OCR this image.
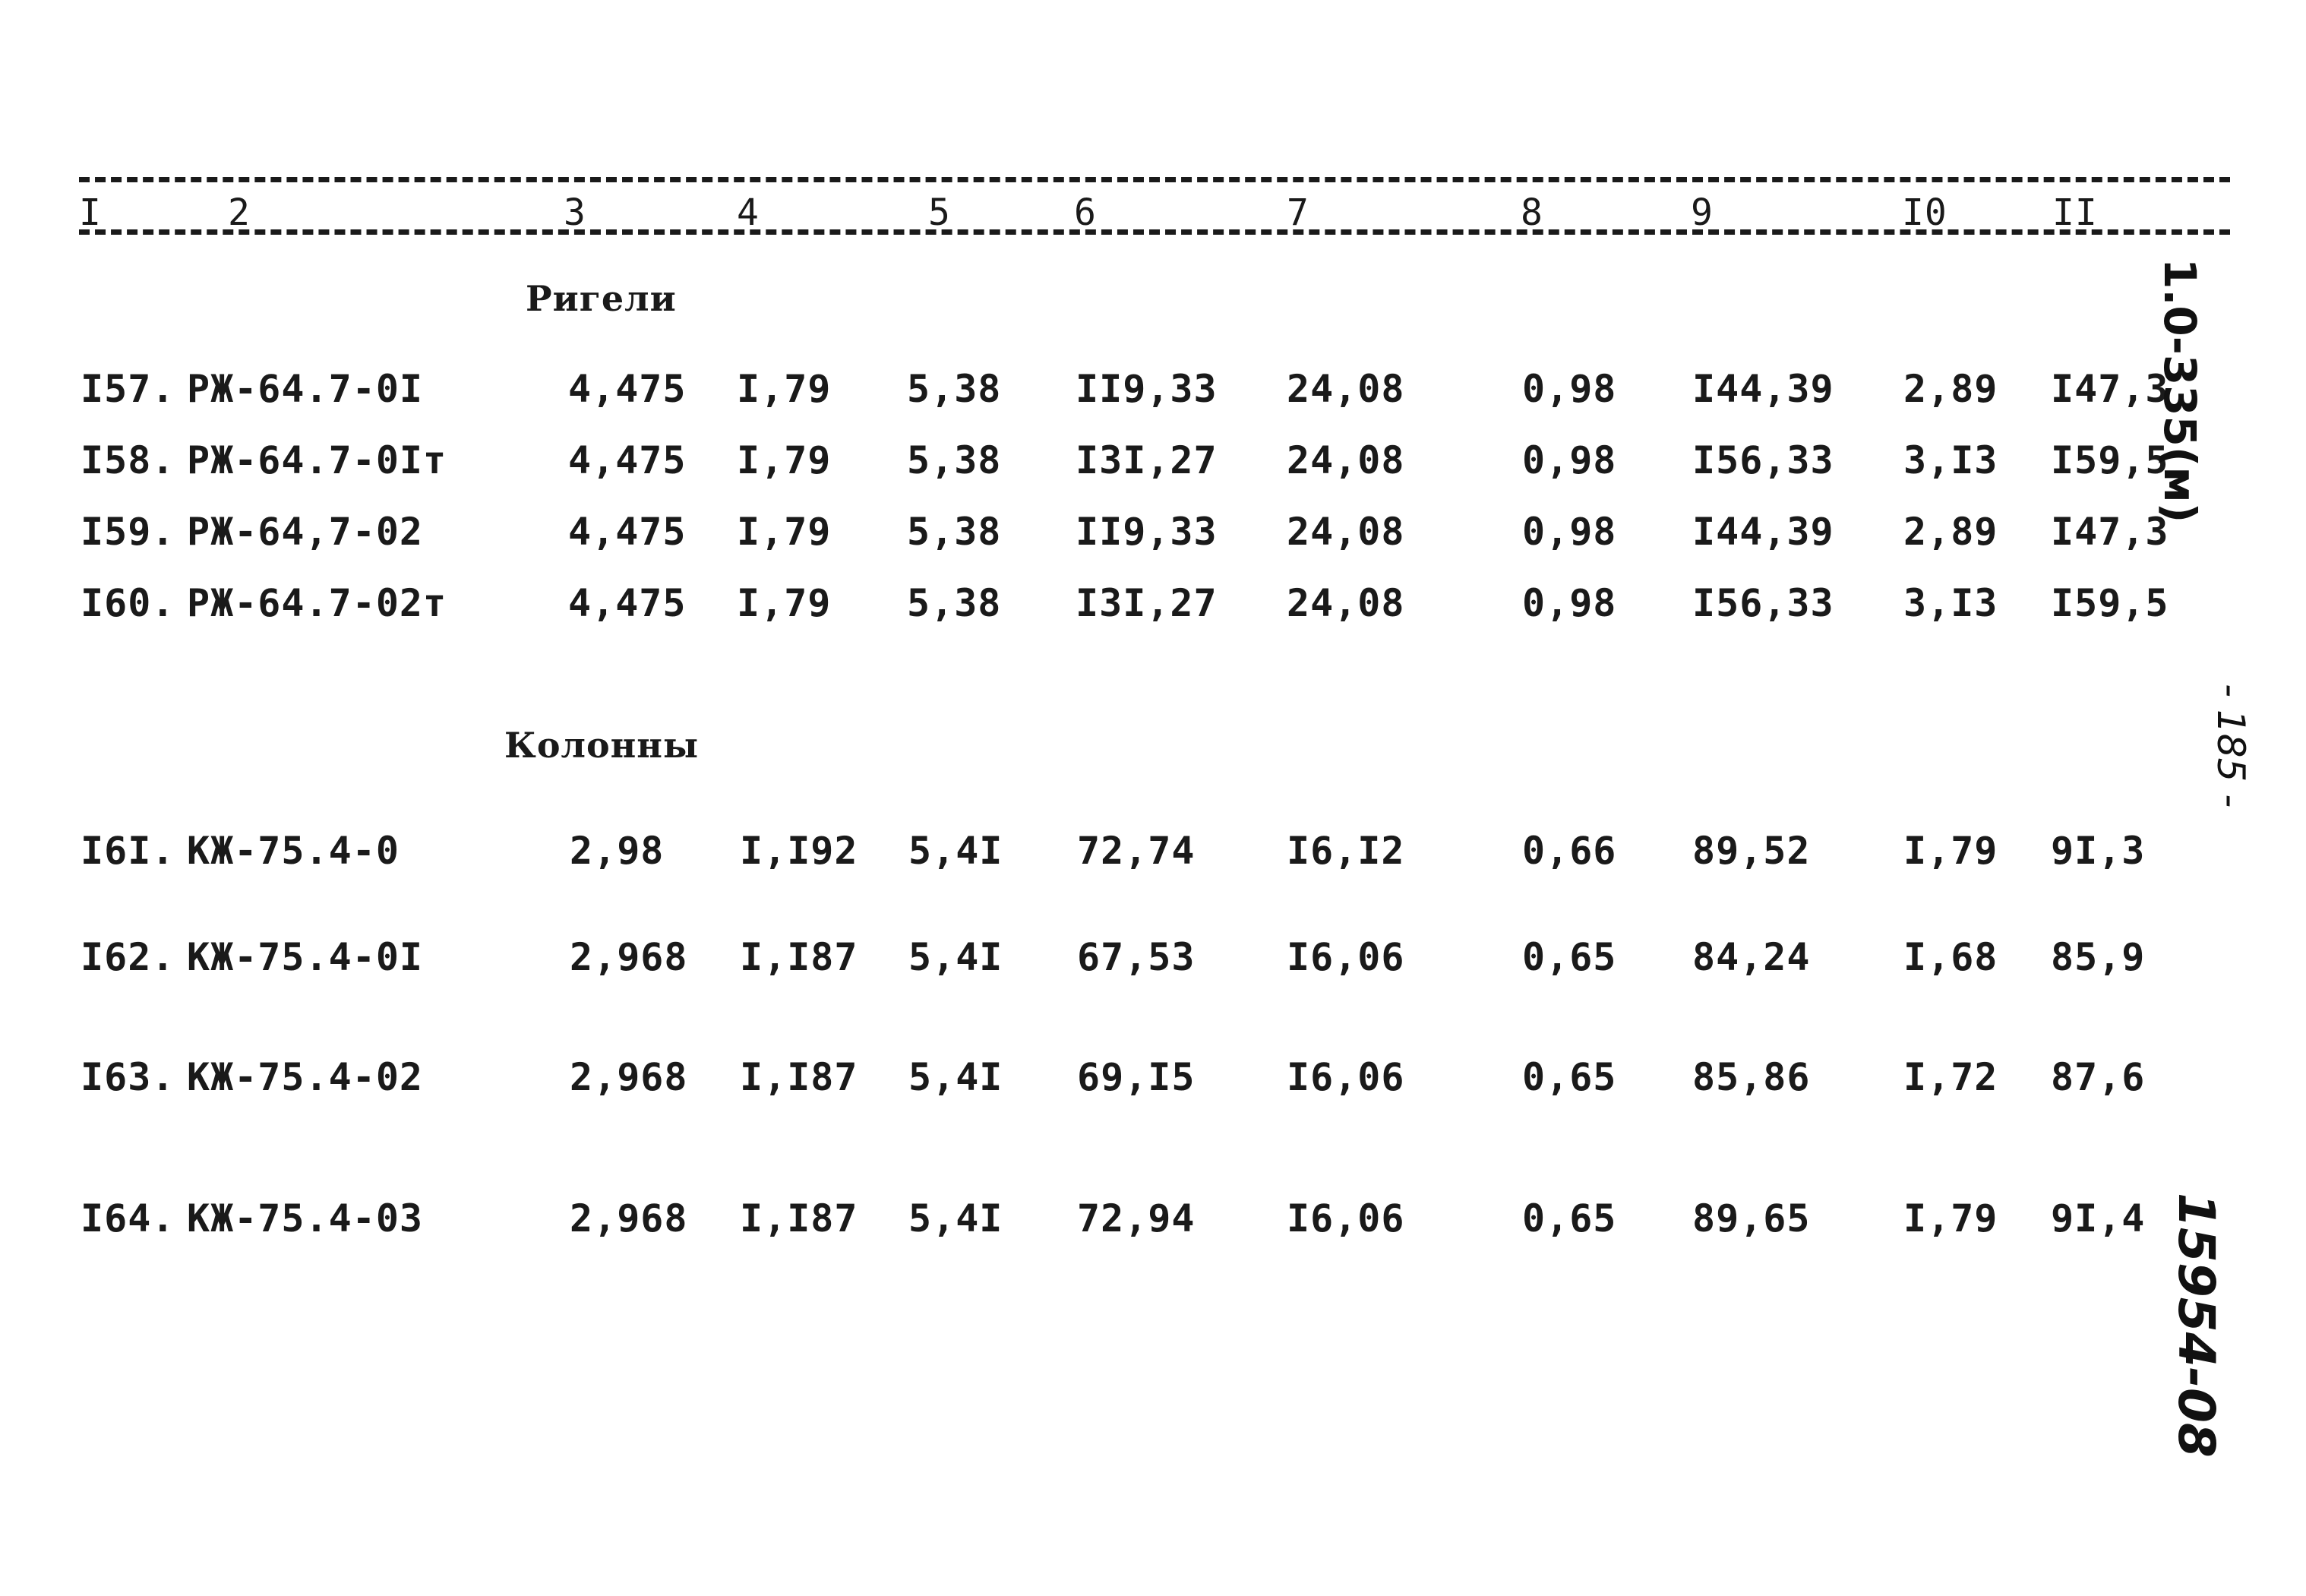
I	2	3	4	5	6	7	8	9	I0	II
Ригели
I57. РЖ-64.7-0I	4,475 I,79 5,38 II9,33 24,08	0,98 I44,39 2,89 I47,3
I58. РЖ-64.7-0Iт	4,475 I,79 5,38 I3I,27 24,08	0,98 I56,33 3,I3 I59,5
I59. РЖ-64,7-02	4,475 I,79 5,38 II9,33 24,08	0,98 I44,39 2,89 I47,3
I60. РЖ-64.7-02т	4,475 I,79 5,38 I3I,27 24,08	0,98 I56,33 3,I3 I59,5
Колонны
I6I. КЖ-75.4-0	2,98 I,I92 5,4I 72,74 I6,I2	0,66 89,52 I,79 9I,3
I62. КЖ-75.4-0I	2,968 I,I87 5,4I 67,53 I6,06	0,65 84,24 I,68 85,9
I63. КЖ-75.4-02	2,968 I,I87 5,4I 69,I5 I6,06	0,65 85,86 I,72 87,6
I64. КЖ-75.4-03	2,968 I,I87 5,4I 72,94 I6,06	0,65 89,65 I,79 9I,4
1.0-335(м)
- 185 -
15954-08
